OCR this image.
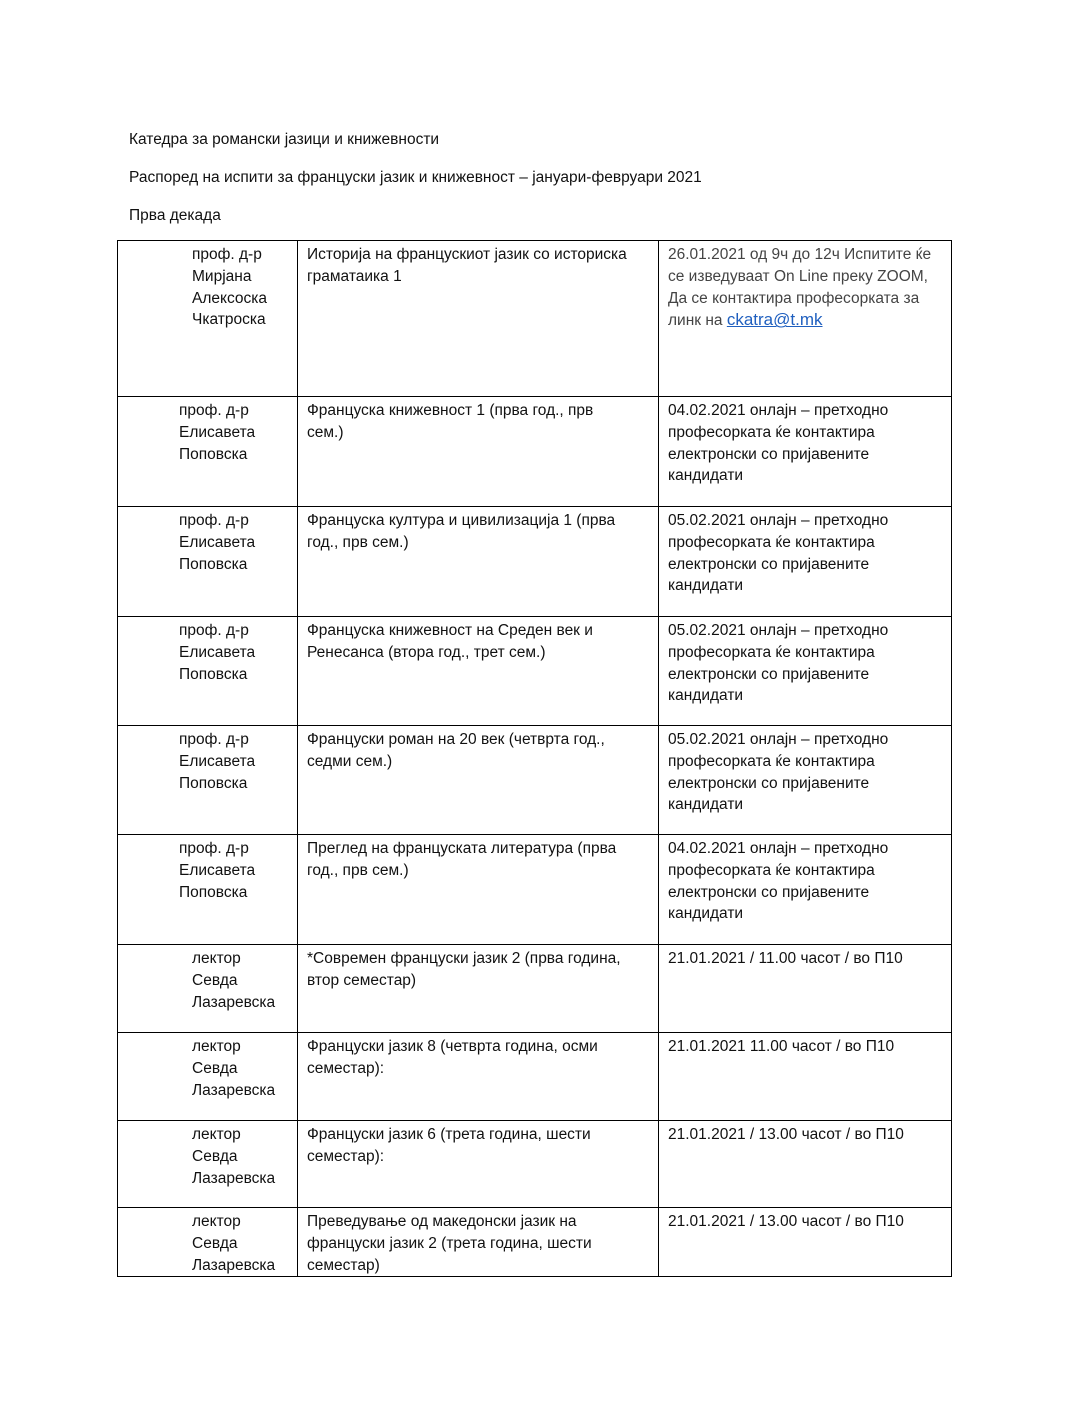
Катедра за романски јазици и книжевности
Распоред на испити за француски јазик и книжевност – јануари-февруари 2021
Прва декада
проф. д-р
Мирјана
Алексоска
Чкатроска	Историја на францускиот јазик со историска
граматаика 1	26.01.2021 од 9ч до 12ч Испитите ќе
се изведуваат On Line преку ZOOM,
Да се контактира професорката за
линк на ckatra@t.mk

проф. д-р
Елисавета
Поповска	Француска книжевност 1 (прва год., прв
сем.)	04.02.2021 онлајн – претходно
професорката ќе контактира
електронски со пријавените
кандидати

проф. д-р
Елисавета
Поповска	Француска култура и цивилизација 1 (прва
год., прв сем.)	05.02.2021 онлајн – претходно
професорката ќе контактира
електронски со пријавените
кандидати

проф. д-р
Елисавета
Поповска	Француска книжевност на Среден век и
Ренесанса (втора год., трет сем.)	05.02.2021 онлајн – претходно
професорката ќе контактира
електронски со пријавените
кандидати

проф. д-р
Елисавета
Поповска	Француски роман на 20 век (четврта год.,
седми сем.)	05.02.2021 онлајн – претходно
професорката ќе контактира
електронски со пријавените
кандидати

проф. д-р
Елисавета
Поповска	Преглед на француската литература (прва
год., прв сем.)	04.02.2021 онлајн – претходно
професорката ќе контактира
електронски со пријавените
кандидати

лектор
Севда
Лазаревска	*Современ француски јазик 2 (прва година,
втор семестар)	21.01.2021 / 11.00 часот / во П10

лектор
Севда
Лазаревска	Француски јазик 8 (четврта година, осми
семестар):	21.01.2021 11.00 часот / во П10

лектор
Севда
Лазаревска	Француски јазик 6 (трета година, шести
семестар):	21.01.2021 / 13.00 часот / во П10

лектор
Севда
Лазаревска	Преведување од македонски јазик на
француски јазик 2 (трета година, шести
семестар)	21.01.2021 / 13.00 часот / во П10
